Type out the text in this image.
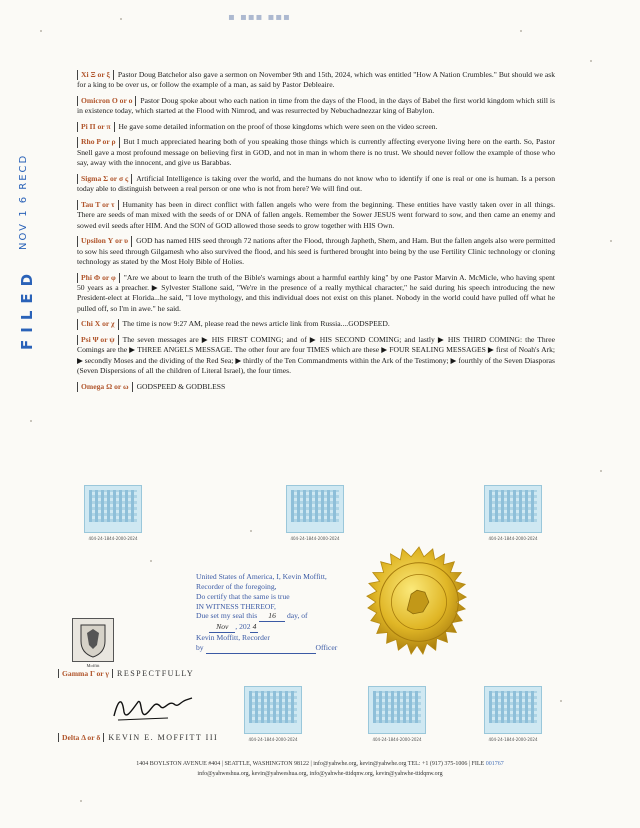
▪ ▪▪▪ ▪▪▪
FILED
NOV 1 6 RECD

Xi Ξ or ξ Pastor Doug Batchelor also gave a sermon on November 9th and 15th, 2024, which was entitled "How A Nation Crumbles." But should we ask for a king to be over us, or follow the example of a man, as said by Pastor Debleaire.

Omicron Ο or ο Pastor Doug spoke about who each nation in time from the days of the Flood, in the days of Babel the first world kingdom which still is in existence today, which started at the Flood with Nimrod, and was resurrected by Nebuchadnezzar king of Babylon.

Pi Π or π He gave some detailed information on the proof of those kingdoms which were seen on the video screen.

Rho Ρ or ρ But I much appreciated hearing both of you speaking those things which is currently affecting everyone living here on the earth. So, Pastor Snell gave a most profound message on believing first in GOD, and not in man in whom there is no trust. We should never follow the example of those who say, away with the innocent, and give us Barabbas.

Sigma Σ or σ ς Artificial Intelligence is taking over the world, and the humans do not know who to identify if one is real or one is human. Is a person today able to distinguish between a real person or one who is not from here? We will find out.

Tau Τ or τ Humanity has been in direct conflict with fallen angels who were from the beginning. These entities have vastly taken over in all things. There are seeds of man mixed with the seeds of or DNA of fallen angels. Remember the Sower JESUS went forward to sow, and then came an enemy and sowed evil seeds after HIM. And the SON of GOD allowed those seeds to grow together with HIS Own.

Upsilon Υ or υ GOD has named HIS seed through 72 nations after the Flood, through Japheth, Shem, and Ham. But the fallen angels also were permitted to sow his seed through Gilgamesh who also survived the flood, and his seed is furthered brought into being by the use Fertility Clinic technology or cloning technology as stated by the Most Holy Bible of Holies.

Phi Φ or φ "Are we about to learn the truth of the Bible's warnings about a harmful earthly king" by one Pastor Marvin A. McMicle, who having spent 50 years as a preacher. ▶ Sylvester Stallone said, "We're in the presence of a really mythical character," he said during his speech introducing the new President-elect at Florida...he said, "I love mythology, and this individual does not exist on this planet. Nobody in the world could have pulled off what he pulled off, so I'm in awe." he said.

Chi Χ or χ The time is now 9:27 AM, please read the news article link from Russia....GODSPEED.

Psi Ψ or ψ The seven messages are ▶ HIS FIRST COMING; and of ▶ HIS SECOND COMING; and lastly ▶ HIS THIRD COMING: the Three Comings are the ▶ THREE ANGELS MESSAGE. The other four are four TIMES which are these ▶ FOUR SEALING MESSAGES ▶ first of Noah's Ark; ▶ secondly Moses and the dividing of the Red Sea; ▶ thirdly of the Ten Commandments within the Ark of the Testimony; ▶ fourthly of the Seven Diasporas (Seven Dispersions of all the children of Literal Israel), the four times.

Omega Ω or ω GODSPEED & GODBLESS

404-24-1844-2000-2024	404-24-1844-2000-2024	404-24-1844-2000-2024
404-24-1844-2000-2024	404-24-1844-2000-2024	404-24-1844-2000-2024
United States of America, I, Kevin Moffitt,
Recorder of the foregoing,
Do certify that the same is true
IN WITNESS THEREOF,
Due set my seal this 16 day, of
Nov , 202 4
Kevin Moffitt, Recorder
by	Officer
Moffitt
Gamma Γ or γ RESPECTFULLY
Delta Δ or δ KEVIN E. MOFFITT III
1404 BOYLSTON AVENUE #404 | SEATTLE, WASHINGTON 98122 | info@yahwhe.org, kevin@yahwhe.org TEL: +1 (917) 375-1006 | FILE 001767
info@yahweshua.org, kevin@yahweshua.org, info@yahwhe-ttidqnw.org, kevin@yahwhe-ttidqnw.org
